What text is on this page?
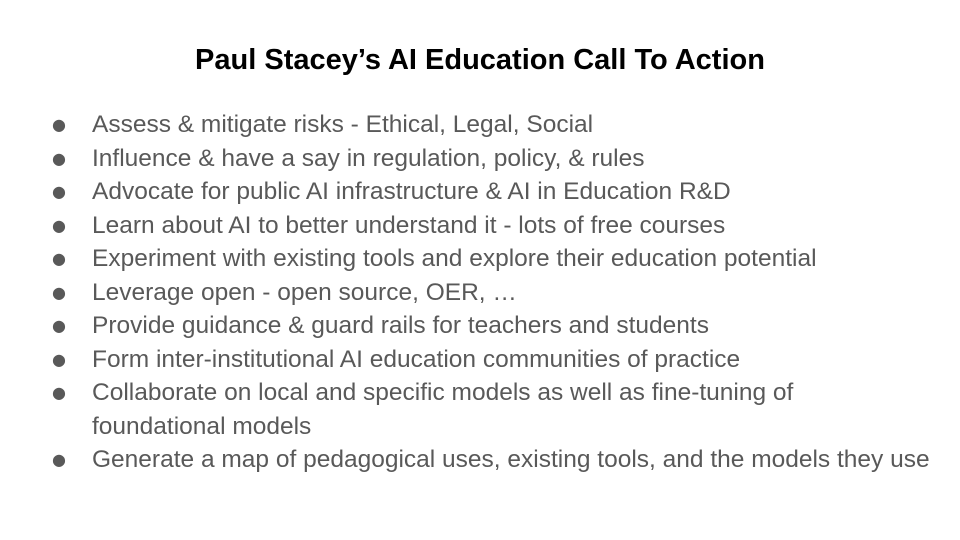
Paul Stacey’s AI Education Call To Action
● Assess & mitigate risks - Ethical, Legal, Social
● Influence & have a say in regulation, policy, & rules
● Advocate for public AI infrastructure & AI in Education R&D
● Learn about AI to better understand it - lots of free courses
● Experiment with existing tools and explore their education potential
● Leverage open - open source, OER, …
● Provide guidance & guard rails for teachers and students
● Form inter-institutional AI education communities of practice
● Collaborate on local and specific models as well as fine-tuning of foundational models
● Generate a map of pedagogical uses, existing tools, and the models they use
